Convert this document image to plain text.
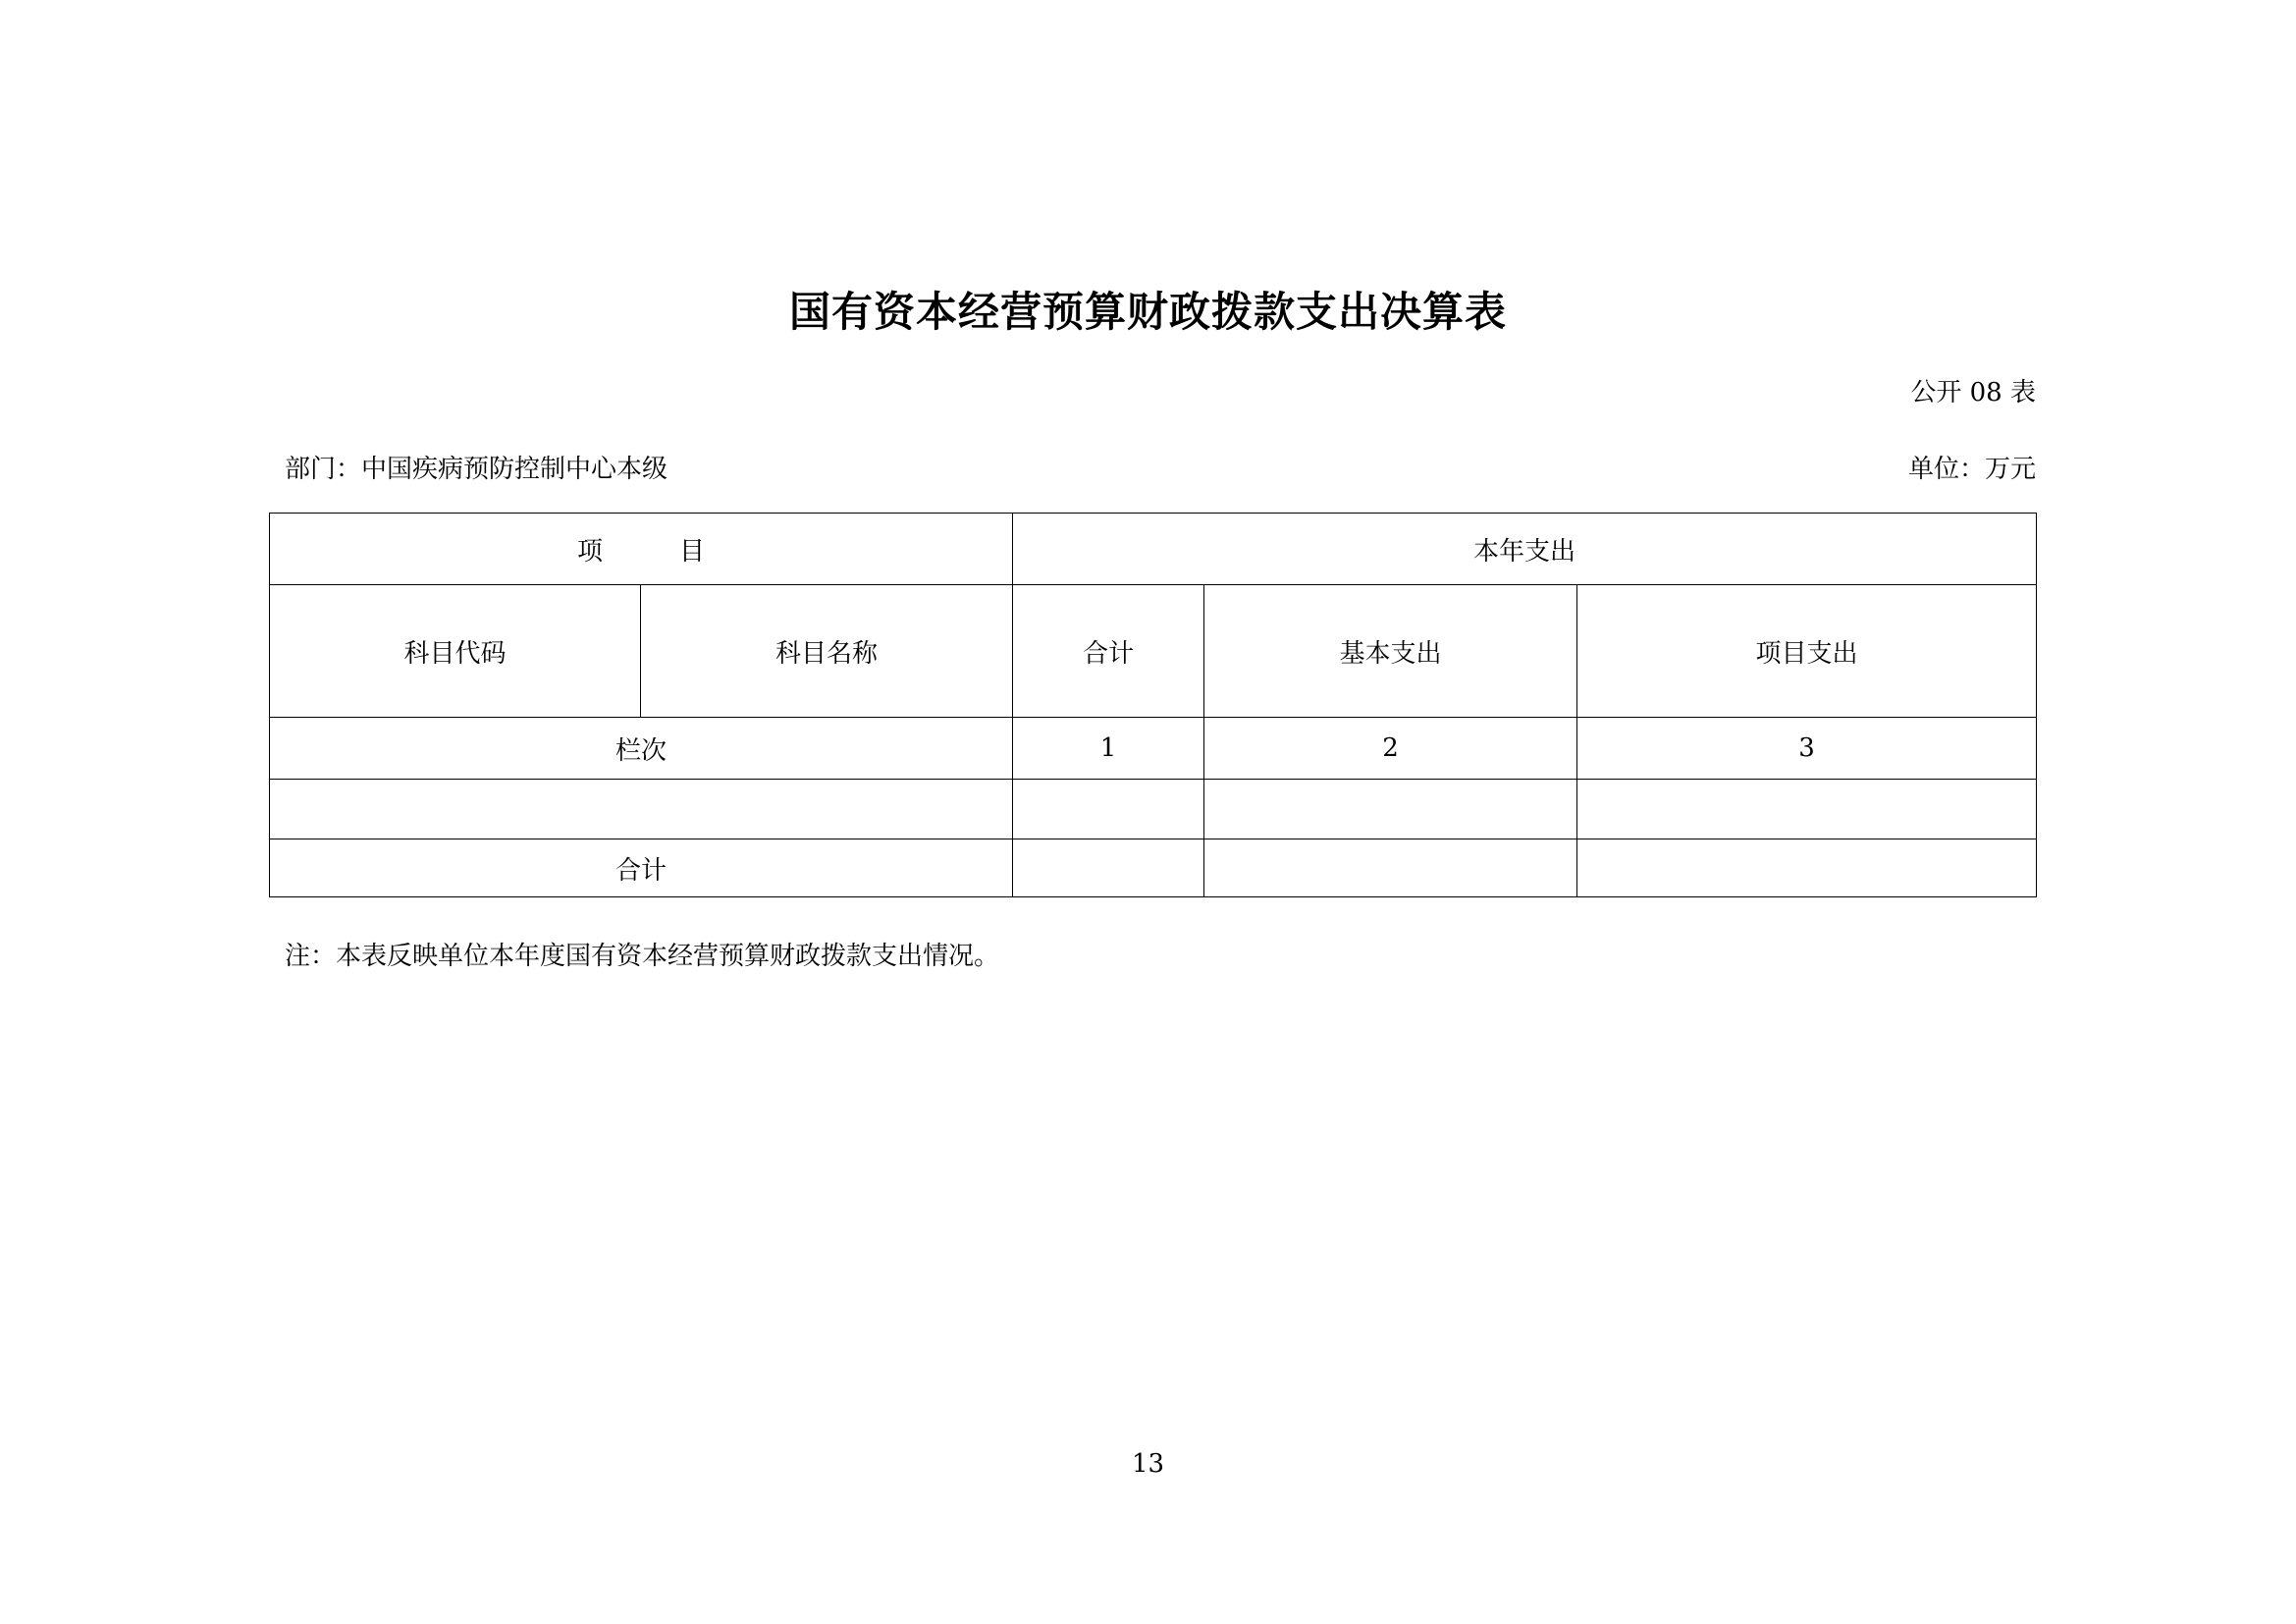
国有资本经营预算财政拨款支出决算表
公开 08 表
部门：中国疾病预防控制中心本级	单位：万元
项目		本年支出		
科目代码	科目名称	合计	基本支出	项目支出
栏次		1	2	3

合计				
注：本表反映单位本年度国有资本经营预算财政拨款支出情况。
13
